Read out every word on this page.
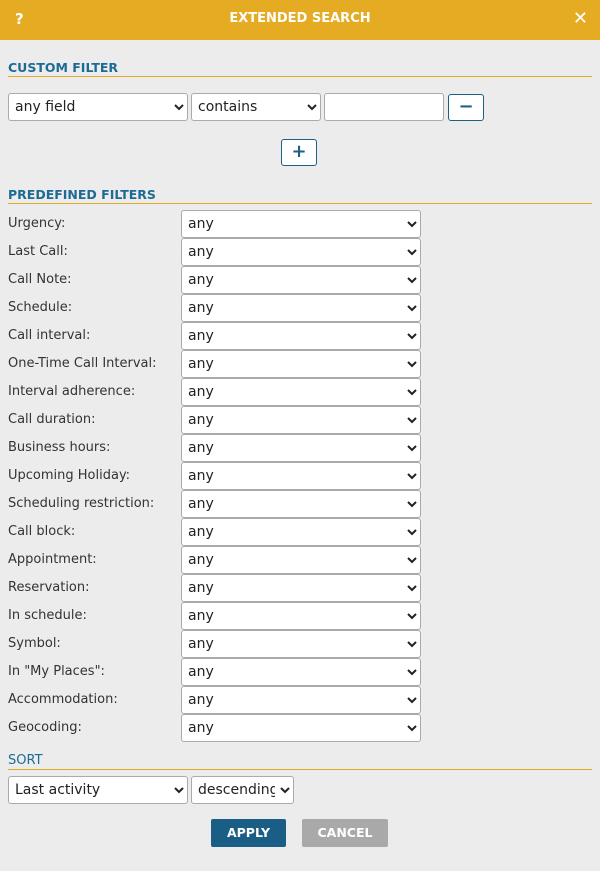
?	EXTENDED SEARCH	✕
CUSTOM FILTER
any field
contains
−
+
PREDEFINED FILTERS
Urgency:
any
Last Call:
any
Call Note:
any
Schedule:
any
Call interval:
any
One-Time Call Interval:
any
Interval adherence:
any
Call duration:
any
Business hours:
any
Upcoming Holiday:
any
Scheduling restriction:
any
Call block:
any
Appointment:
any
Reservation:
any
In schedule:
any
Symbol:
any
In "My Places":
any
Accommodation:
any
Geocoding:
any
SORT
Last activity
descending
APPLY	CANCEL
